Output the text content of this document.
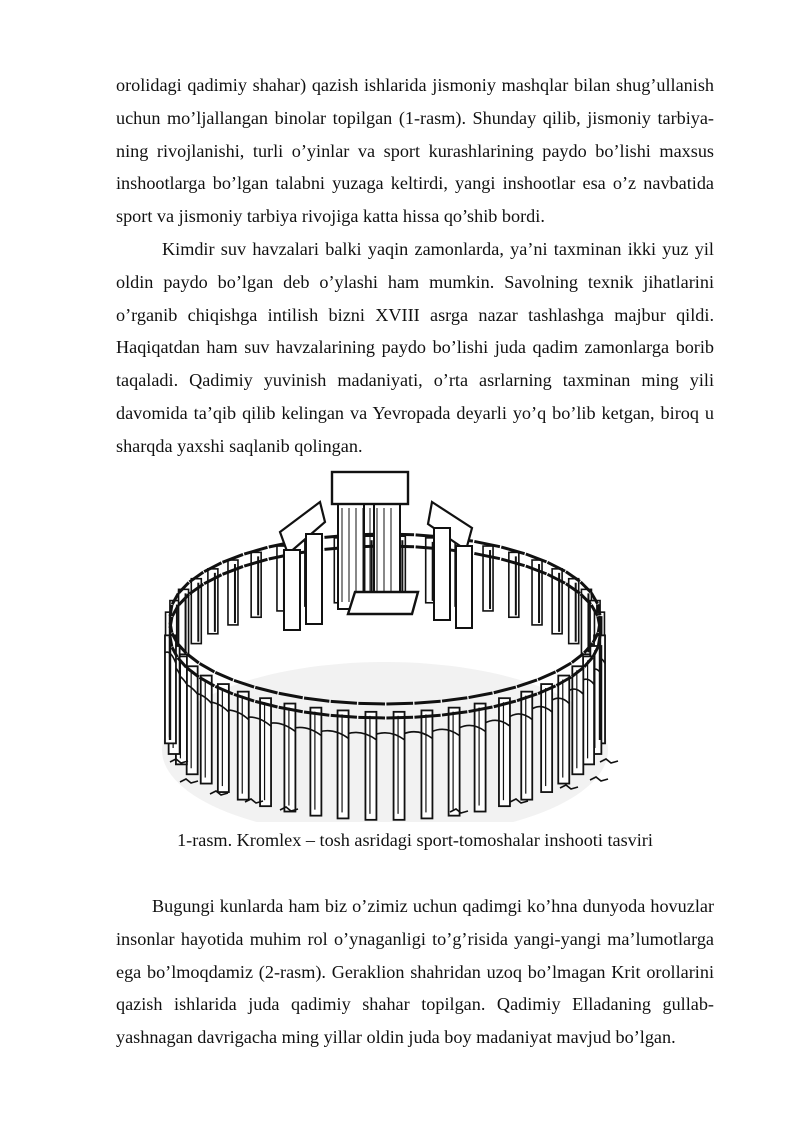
orolidagi qadimiy shahar) qazish ishlarida jismoniy mashqlar bilan shug’ullanish uchun mo’ljallangan binolar topilgan (1-rasm). Shunday qilib, jismoniy tarbiya-ning rivojlanishi, turli o’yinlar va sport kurashlarining paydo bo’lishi maxsus inshootlarga bo’lgan talabni yuzaga keltirdi, yangi inshootlar esa o’z navbatida sport va jismoniy tarbiya rivojiga katta hissa qo’shib bordi.

Kimdir suv havzalari balki yaqin zamonlarda, ya’ni taxminan ikki yuz yil oldin paydo bo’lgan deb o’ylashi ham mumkin. Savolning texnik jihatlarini o’rganib chiqishga intilish bizni XVIII asrga nazar tashlashga majbur qildi. Haqiqatdan ham suv havzalarining paydo bo’lishi juda qadim zamonlarga borib taqaladi. Qadimiy yuvinish madaniyati, o’rta asrlarning taxminan ming yili davomida ta’qib qilib kelingan va Yevropada deyarli yo’q bo’lib ketgan, biroq u sharqda yaxshi saqlanib qolingan.

1-rasm. Kromlex – tosh asridagi sport-tomoshalar inshooti tasviri

Bugungi kunlarda ham biz o’zimiz uchun qadimgi ko’hna dunyoda hovuzlar insonlar hayotida muhim rol o’ynaganligi to’g’risida yangi-yangi ma’lumotlarga ega bo’lmoqdamiz (2-rasm). Geraklion shahridan uzoq bo’lmagan Krit orollarini qazish ishlarida juda qadimiy shahar topilgan. Qadimiy Elladaning gullab-yashnagan davrigacha ming yillar oldin juda boy madaniyat mavjud bo’lgan.
